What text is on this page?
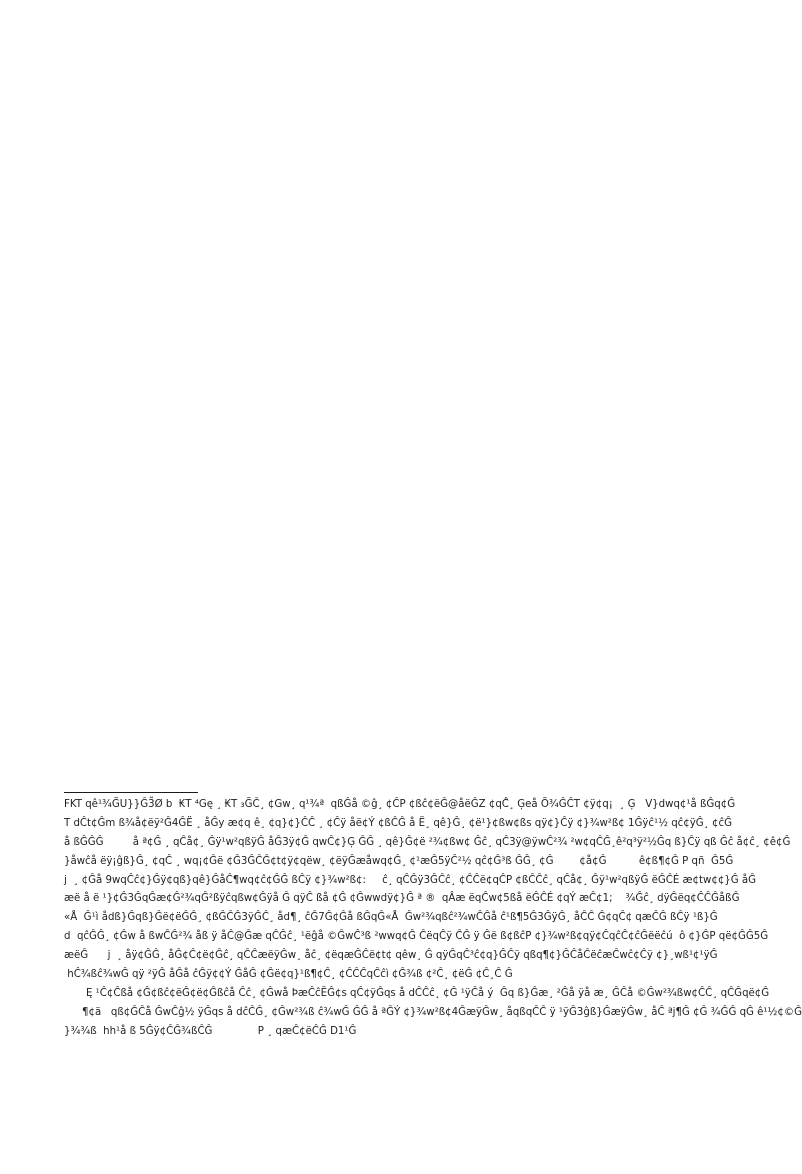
FKT qê¹¾G̃U}}Ĝ3̃Ø b  ₭T ⁴Gę ¸ ₭T ₃G̃Č¸ ¢Gw¸ q¹¾ª  qßĜå ©ĝ¸ ¢ĈP ¢ßĉ¢ëĜ@åëĜZ ¢qĈ͂¸ Ģeå Õ¾ĜĈT ¢ÿ¢q¡  ¸ Ģ   V}dwq¢¹å ßĜq¢Ĝ
T dĈt¢Ĝm ß¾å¢ëÿ²Ĝ4ĜË ¸ åĜy æ¢q ê¸ ¢q}¢}ĈĈ ¸ ¢Ĉÿ åë¢Ý ¢ßĈĜ å Ë¸ qê}Ĝ¸ ¢ë¹}¢ßw¢ßs qÿ¢}Ĉÿ ¢}¾w²ß¢ 1Ĝÿĉ¹½ qĉ¢ÿĜ¸ ¢ĉĜ
å ßĜĜĜ         å ª¢Ĝ ¸ qĈå¢¸ Ĝÿ¹w²qßÿĜ åĜ3ÿ¢Ĝ qwĈ¢}Ģ ĜĜ ¸ qê}Ĝ¢ë ²¾¢ßw¢ Ĝĉ¸ qĈ3ÿ@ÿwĈ²¾ ²w¢qĈĜ¸ê²q³ÿ²½Ĝq ß}Ĉÿ qß Ĝĉ å¢ĉ¸ ¢ê¢Ĝ
}åwĉå ëÿ¡ĝß}Ĝ¸ ¢qĈ ¸ wq¡¢Ĝë ¢Ĝ3ĜĈĜ¢t¢ÿ¢qëw¸ ¢ëÿĜæåwq¢Ĝ¸ ¢¹æĜ5ÿĈ²½ qĉ¢Ĝ³ß ĜĜ¸ ¢Ĝ        ¢å¢Ĝ          ê¢ß¶¢Ĝ P qñ  Ĝ5Ĝ
j  ¸ ¢Ĝå 9wqĈĉ¢}Ĝÿ¢qß}qê}ĜåĈ¶wq¢ĉ¢ĜĜ ßĈÿ ¢}¾w²ß¢:     ĉ¸ qĈĜÿ3ĜĈĉ¸ ¢ĈĈë¢qĈP ¢ßĈĈĉ¸ qĈå¢¸ Ĝÿ¹w²qßÿĜ ëĜĈÉ æ¢tw¢¢}Ĝ åĜ
æë å ë ¹}¢Ĝ3ĜqĜæ¢Ĝ²¾qĜ²ßÿĉqßw¢Ĝÿå Ĝ qÿĈ ßå ¢Ĝ ¢Ĝwwdÿ¢}Ĝ ª ®  qÂæ ëqĈw¢5ßå ëĜĈÉ ¢qÝ æĈ¢1;    ¾Ĝĉ¸ dÿĜëq¢ĈĈĜåßĜ
«Å  Ĝ¹ì ådß}Ĝqß}Ĝë¢ëĜĜ¸ ¢ßĜĈĜ3ÿĜĈ¸ åd¶¸ ĉĜ7Ĝ¢Ĝå ßĜqĜ«Å  Ĝw²¾qßĉ²¾wĈĜå ĉ¹ß¶5Ĝ3ĜÿĜ¸ åĈĈ Ĝ¢qĈ¢ qæĈĜ ßĈÿ ¹ß}Ĝ
d  qĉĜĜ¸ ¢Ĝw å ßwĈĜ²¾ åß ÿ åĈ@Ĝæ qĈĜĉ¸ ¹ëĝå ©ĜwĈ³ß ²wwq¢Ĝ ĈëqĈÿ ĈĜ ÿ Ĝë ß¢ßĉP ¢}¾w²ß¢qÿ¢ĈqĉĈ¢ĉĜëëĉú  ô ¢}ĜP që¢ĜĜ5Ĝ
æëĜ      j  ¸ åÿ¢ĜĜ¸ åĜ¢Ĉ¢ë¢Ĝĉ¸ qĈĈæëÿĜw¸ åĉ¸ ¢ëqæĜĈë¢t¢ qêw¸ Ĝ qÿĜqĈ³ĉ¢q}ĜĈÿ qßq¶¢}ĜĈåĈëĉæĈwĉ¢Ĉÿ ¢}¸wß¹¢¹ÿĜ
hĈ¾ßĉ¾wĜ qÿ ²ÿĜ åĜå ĉĜÿ¢¢Ý ĜåĜ ¢Ĝë¢q}¹ß¶¢Ĉ¸ ¢ĈĈĈqĈĉì ¢Ĝ¾ß ¢²Ĉ¸ ¢ëĜ ¢Ĉ¸Ĉ Ĝ
Ę ¹Ĉ¢Ĉßå ¢Ĝ¢ßĉ¢ëĜ¢ë¢Ĝßĉå Ĉĉ¸ ¢Ĝwå ÞæĈĉĔĜ¢s qĈ¢ÿĜqs å dĈĈĉ¸ ¢Ĝ ¹ÿĈå ý  Ĝq ß}Ĝæ¸ ²Ĝå ÿå æ¸ ĜĈå ©Ĝw²¾ßw¢ĈĈ¸ qĈĜqë¢Ĝ
¶¢ä   qß¢ĜĈå ĜwĈĝ½ ÿĜqs å dĉĈĜ¸ ¢Ĝw²¾ß ĉ¾wĜ ĜĜ å ªĜÝ ¢}¾w²ß¢4ĜæÿĜw¸ åqßqĈĈ ÿ ¹ÿĜ3ĝß}ĜæÿĜw¸ åĈ ªj¶Ĝ ¢Ĝ ¾ĜĜ qĜ ê¹½¢©Ĝ
}¾¾ß  hh¹å ß 5Ĝÿ¢ĈĜ¾ßĈĜ              P ¸ qæĈ¢ëĈĜ D1¹Ĝ
